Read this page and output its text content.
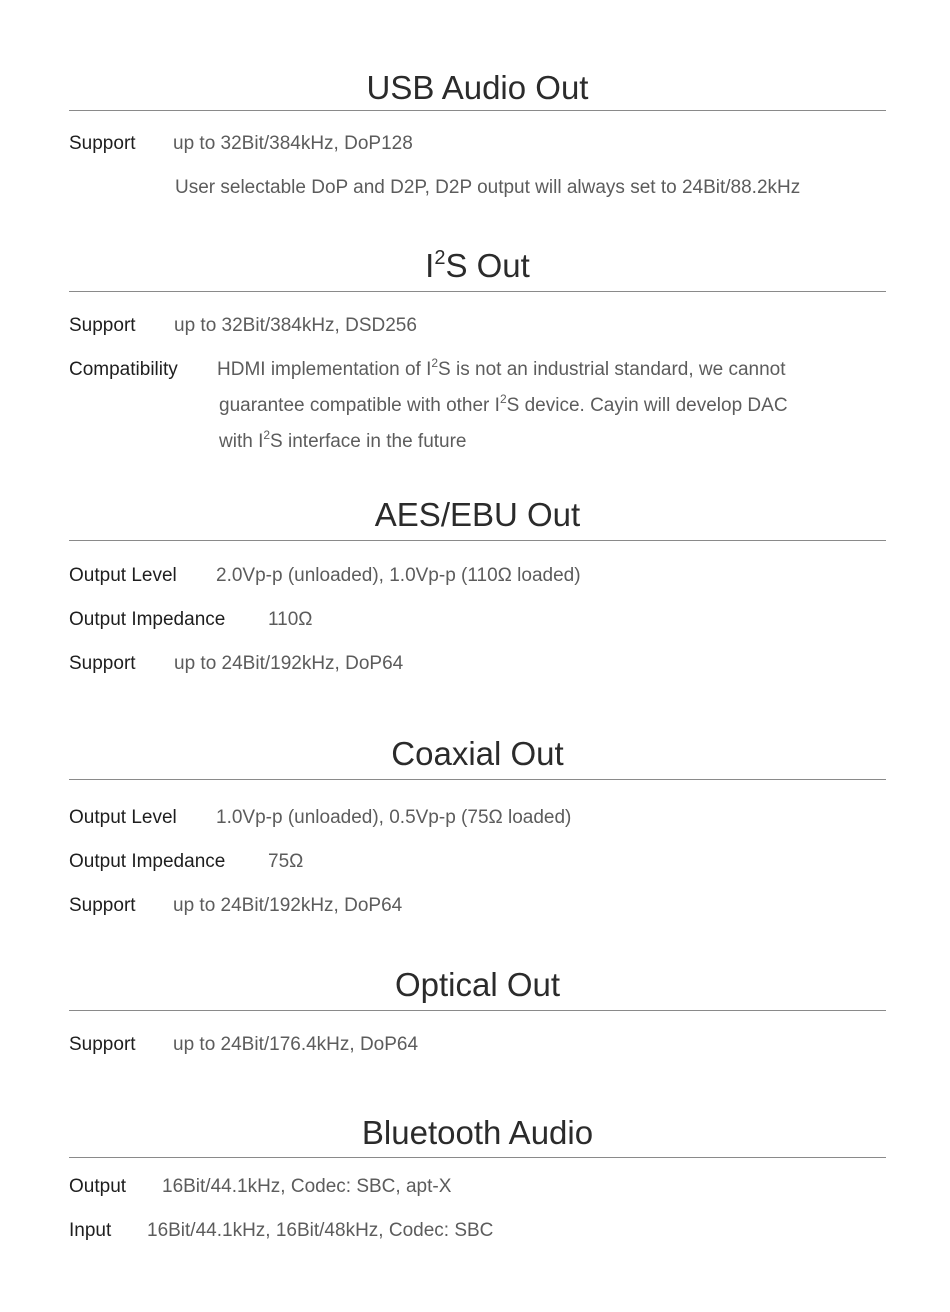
USB Audio Out
Support up to 32Bit/384kHz, DoP128
User selectable DoP and D2P, D2P output will always set to 24Bit/88.2kHz
$I^2S$ Out
Support up to 32Bit/384kHz, DSD256
Compatibility HDMI implementation of $I^2S$ is not an industrial standard, we cannot
guarantee compatible with other $I^2S$ device. Cayin will develop DAC
with $I^2S$ interface in the future
AES/EBU Out
Output Level 2.0Vp-p (unloaded), 1.0Vp-p (110Ω loaded)
Output Impedance 110Ω
Support up to 24Bit/192kHz, DoP64
Coaxial Out
Output Level 1.0Vp-p (unloaded), 0.5Vp-p (75Ω loaded)
Output Impedance 75Ω
Support up to 24Bit/192kHz, DoP64
Optical Out
Support up to 24Bit/176.4kHz, DoP64
Bluetooth Audio
Output 16Bit/44.1kHz, Codec: SBC, apt-X
Input 16Bit/44.1kHz, 16Bit/48kHz, Codec: SBC
